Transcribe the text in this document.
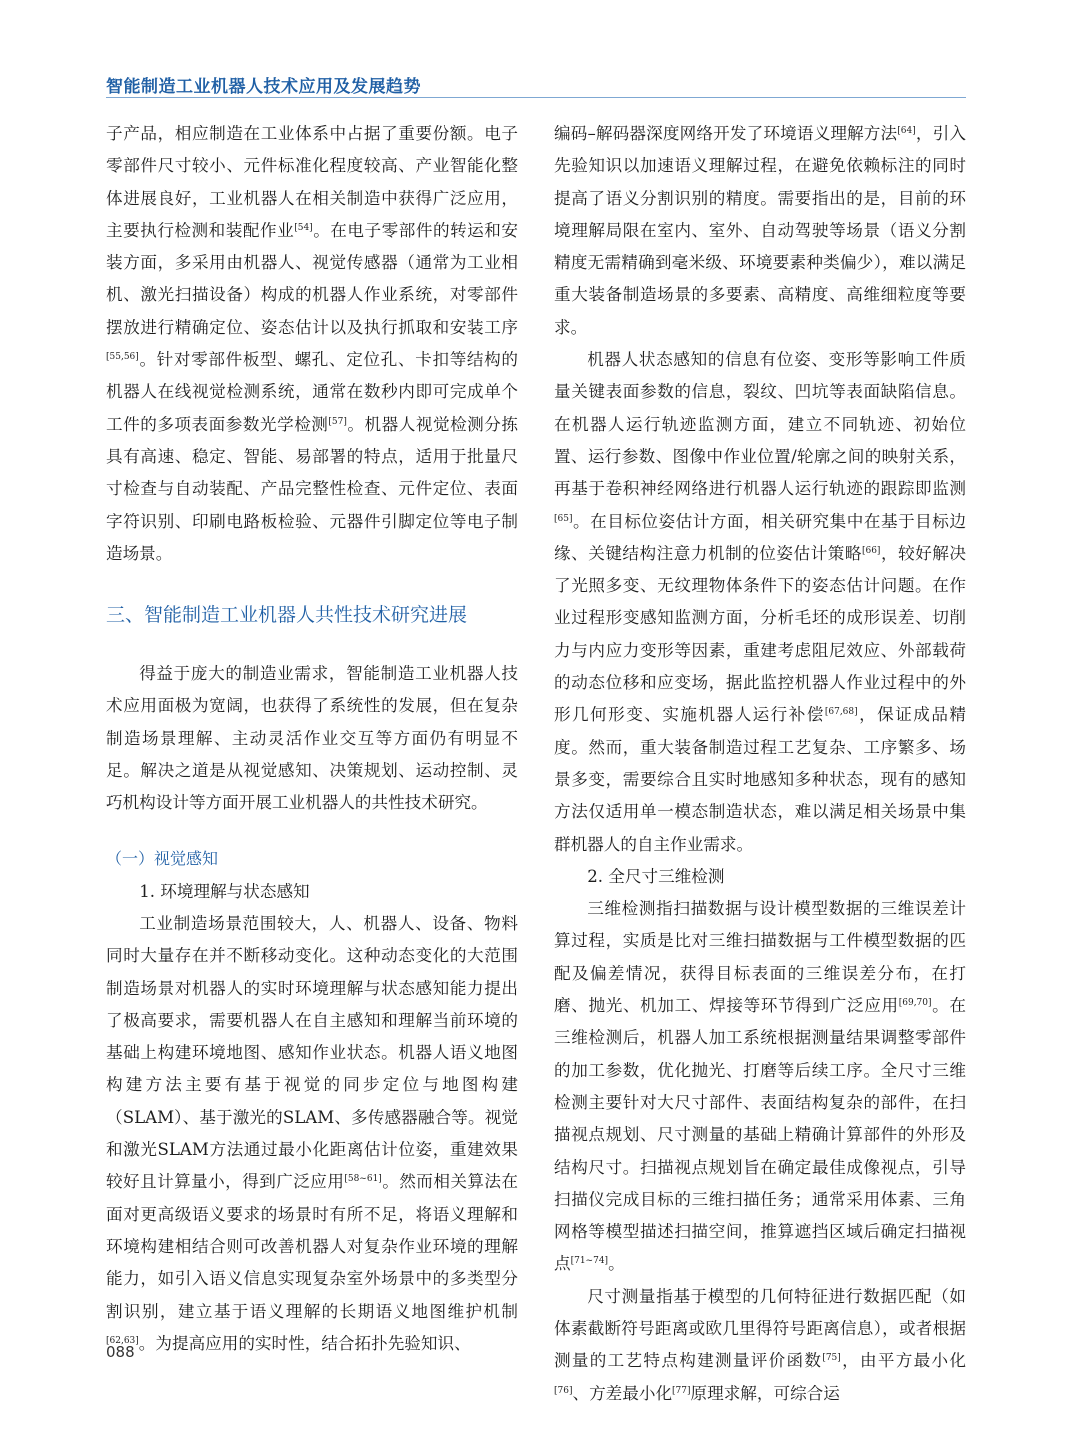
智能制造工业机器人技术应用及发展趋势

子产品，相应制造在工业体系中占据了重要份额。电子零部件尺寸较小、元件标准化程度较高、产业智能化整体进展良好，工业机器人在相关制造中获得广泛应用，主要执行检测和装配作业[54]。在电子零部件的转运和安装方面，多采用由机器人、视觉传感器（通常为工业相机、激光扫描设备）构成的机器人作业系统，对零部件摆放进行精确定位、姿态估计以及执行抓取和安装工序[55,56]。针对零部件板型、螺孔、定位孔、卡扣等结构的机器人在线视觉检测系统，通常在数秒内即可完成单个工件的多项表面参数光学检测[57]。机器人视觉检测分拣具有高速、稳定、智能、易部署的特点，适用于批量尺寸检查与自动装配、产品完整性检查、元件定位、表面字符识别、印刷电路板检验、元器件引脚定位等电子制造场景。

三、智能制造工业机器人共性技术研究进展

得益于庞大的制造业需求，智能制造工业机器人技术应用面极为宽阔，也获得了系统性的发展，但在复杂制造场景理解、主动灵活作业交互等方面仍有明显不足。解决之道是从视觉感知、决策规划、运动控制、灵巧机构设计等方面开展工业机器人的共性技术研究。

（一）视觉感知

1. 环境理解与状态感知

工业制造场景范围较大，人、机器人、设备、物料同时大量存在并不断移动变化。这种动态变化的大范围制造场景对机器人的实时环境理解与状态感知能力提出了极高要求，需要机器人在自主感知和理解当前环境的基础上构建环境地图、感知作业状态。机器人语义地图构建方法主要有基于视觉的同步定位与地图构建（SLAM）、基于激光的SLAM、多传感器融合等。视觉和激光SLAM方法通过最小化距离估计位姿，重建效果较好且计算量小，得到广泛应用[58~61]。然而相关算法在面对更高级语义要求的场景时有所不足，将语义理解和环境构建相结合则可改善机器人对复杂作业环境的理解能力，如引入语义信息实现复杂室外场景中的多类型分割识别，建立基于语义理解的长期语义地图维护机制[62,63]。为提高应用的实时性，结合拓扑先验知识、

编码–解码器深度网络开发了环境语义理解方法[64]，引入先验知识以加速语义理解过程，在避免依赖标注的同时提高了语义分割识别的精度。需要指出的是，目前的环境理解局限在室内、室外、自动驾驶等场景（语义分割精度无需精确到毫米级、环境要素种类偏少），难以满足重大装备制造场景的多要素、高精度、高维细粒度等要求。

机器人状态感知的信息有位姿、变形等影响工件质量关键表面参数的信息，裂纹、凹坑等表面缺陷信息。在机器人运行轨迹监测方面，建立不同轨迹、初始位置、运行参数、图像中作业位置/轮廓之间的映射关系，再基于卷积神经网络进行机器人运行轨迹的跟踪即监测[65]。在目标位姿估计方面，相关研究集中在基于目标边缘、关键结构注意力机制的位姿估计策略[66]，较好解决了光照多变、无纹理物体条件下的姿态估计问题。在作业过程形变感知监测方面，分析毛坯的成形误差、切削力与内应力变形等因素，重建考虑阻尼效应、外部载荷的动态位移和应变场，据此监控机器人作业过程中的外形几何形变、实施机器人运行补偿[67,68]，保证成品精度。然而，重大装备制造过程工艺复杂、工序繁多、场景多变，需要综合且实时地感知多种状态，现有的感知方法仅适用单一模态制造状态，难以满足相关场景中集群机器人的自主作业需求。

2. 全尺寸三维检测

三维检测指扫描数据与设计模型数据的三维误差计算过程，实质是比对三维扫描数据与工件模型数据的匹配及偏差情况，获得目标表面的三维误差分布，在打磨、抛光、机加工、焊接等环节得到广泛应用[69,70]。在三维检测后，机器人加工系统根据测量结果调整零部件的加工参数，优化抛光、打磨等后续工序。全尺寸三维检测主要针对大尺寸部件、表面结构复杂的部件，在扫描视点规划、尺寸测量的基础上精确计算部件的外形及结构尺寸。扫描视点规划旨在确定最佳成像视点，引导扫描仪完成目标的三维扫描任务；通常采用体素、三角网格等模型描述扫描空间，推算遮挡区域后确定扫描视点[71~74]。

尺寸测量指基于模型的几何特征进行数据匹配（如体素截断符号距离或欧几里得符号距离信息），或者根据测量的工艺特点构建测量评价函数[75]，由平方最小化[76]、方差最小化[77]原理求解，可综合运

088
